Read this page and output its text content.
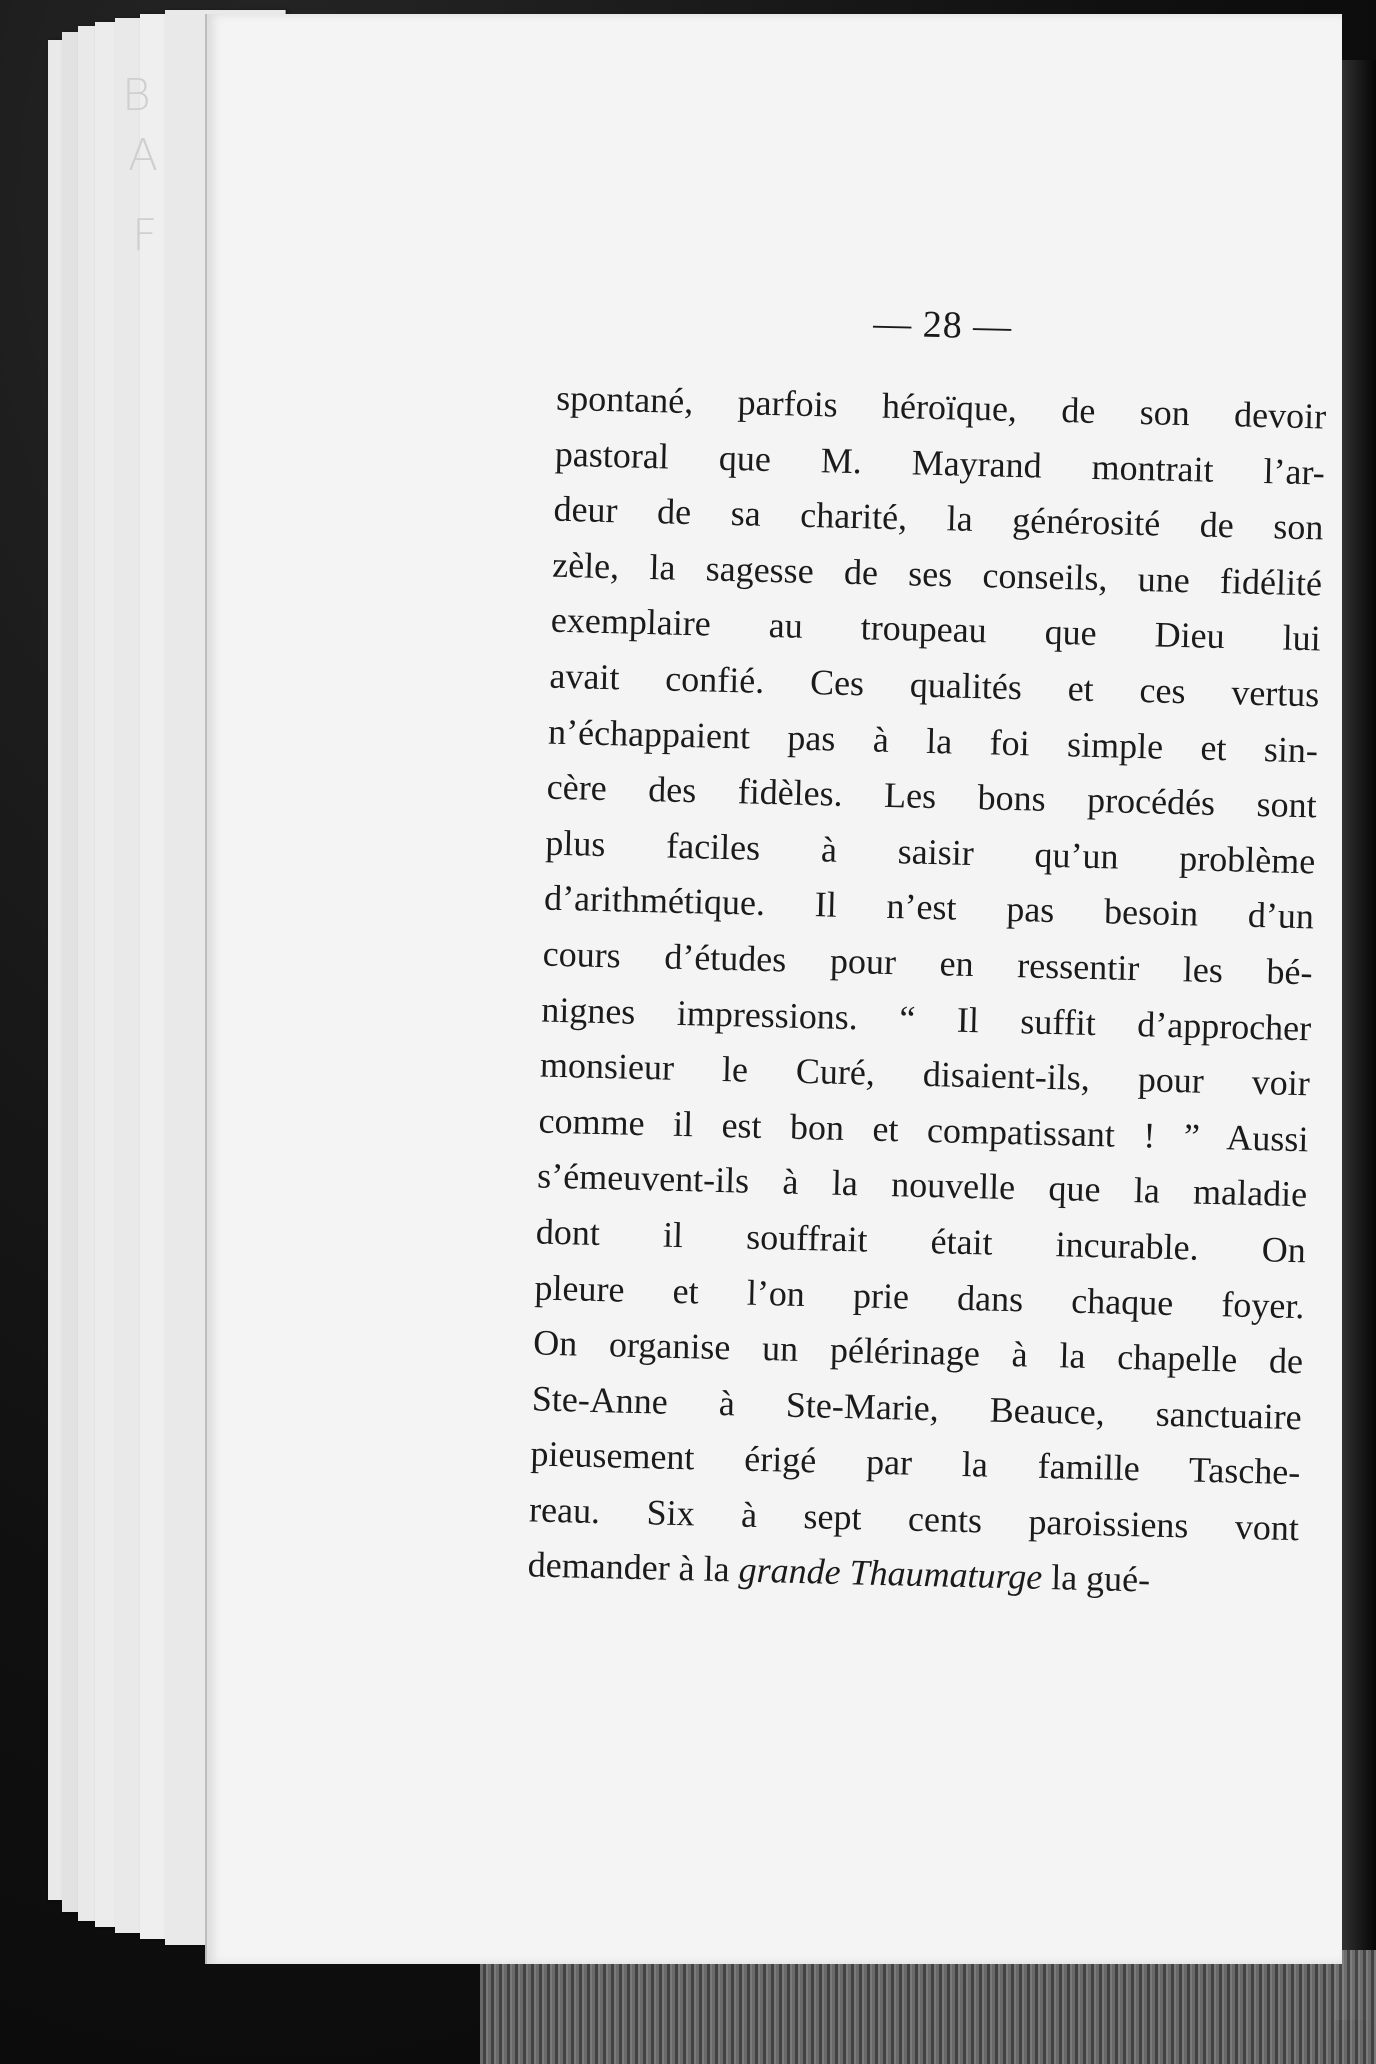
B
A
F
— 28 —
spontané, parfois héroïque, de son devoir
pastoral que M. Mayrand montrait l’ar-
deur de sa charité, la générosité de son
zèle, la sagesse de ses conseils, une fidélité
exemplaire au troupeau que Dieu lui
avait confié. Ces qualités et ces vertus
n’échappaient pas à la foi simple et sin-
cère des fidèles. Les bons procédés sont
plus faciles à saisir qu’un problème
d’arithmétique. Il n’est pas besoin d’un
cours d’études pour en ressentir les bé-
nignes impressions. “ Il suffit d’approcher
monsieur le Curé, disaient-ils, pour voir
comme il est bon et compatissant ! ” Aussi
s’émeuvent-ils à la nouvelle que la maladie
dont il souffrait était incurable. On
pleure et l’on prie dans chaque foyer.
On organise un pélérinage à la chapelle de
Ste-Anne à Ste-Marie, Beauce, sanctuaire
pieusement érigé par la famille Tasche-
reau. Six à sept cents paroissiens vont
demander à la grande Thaumaturge la gué-
